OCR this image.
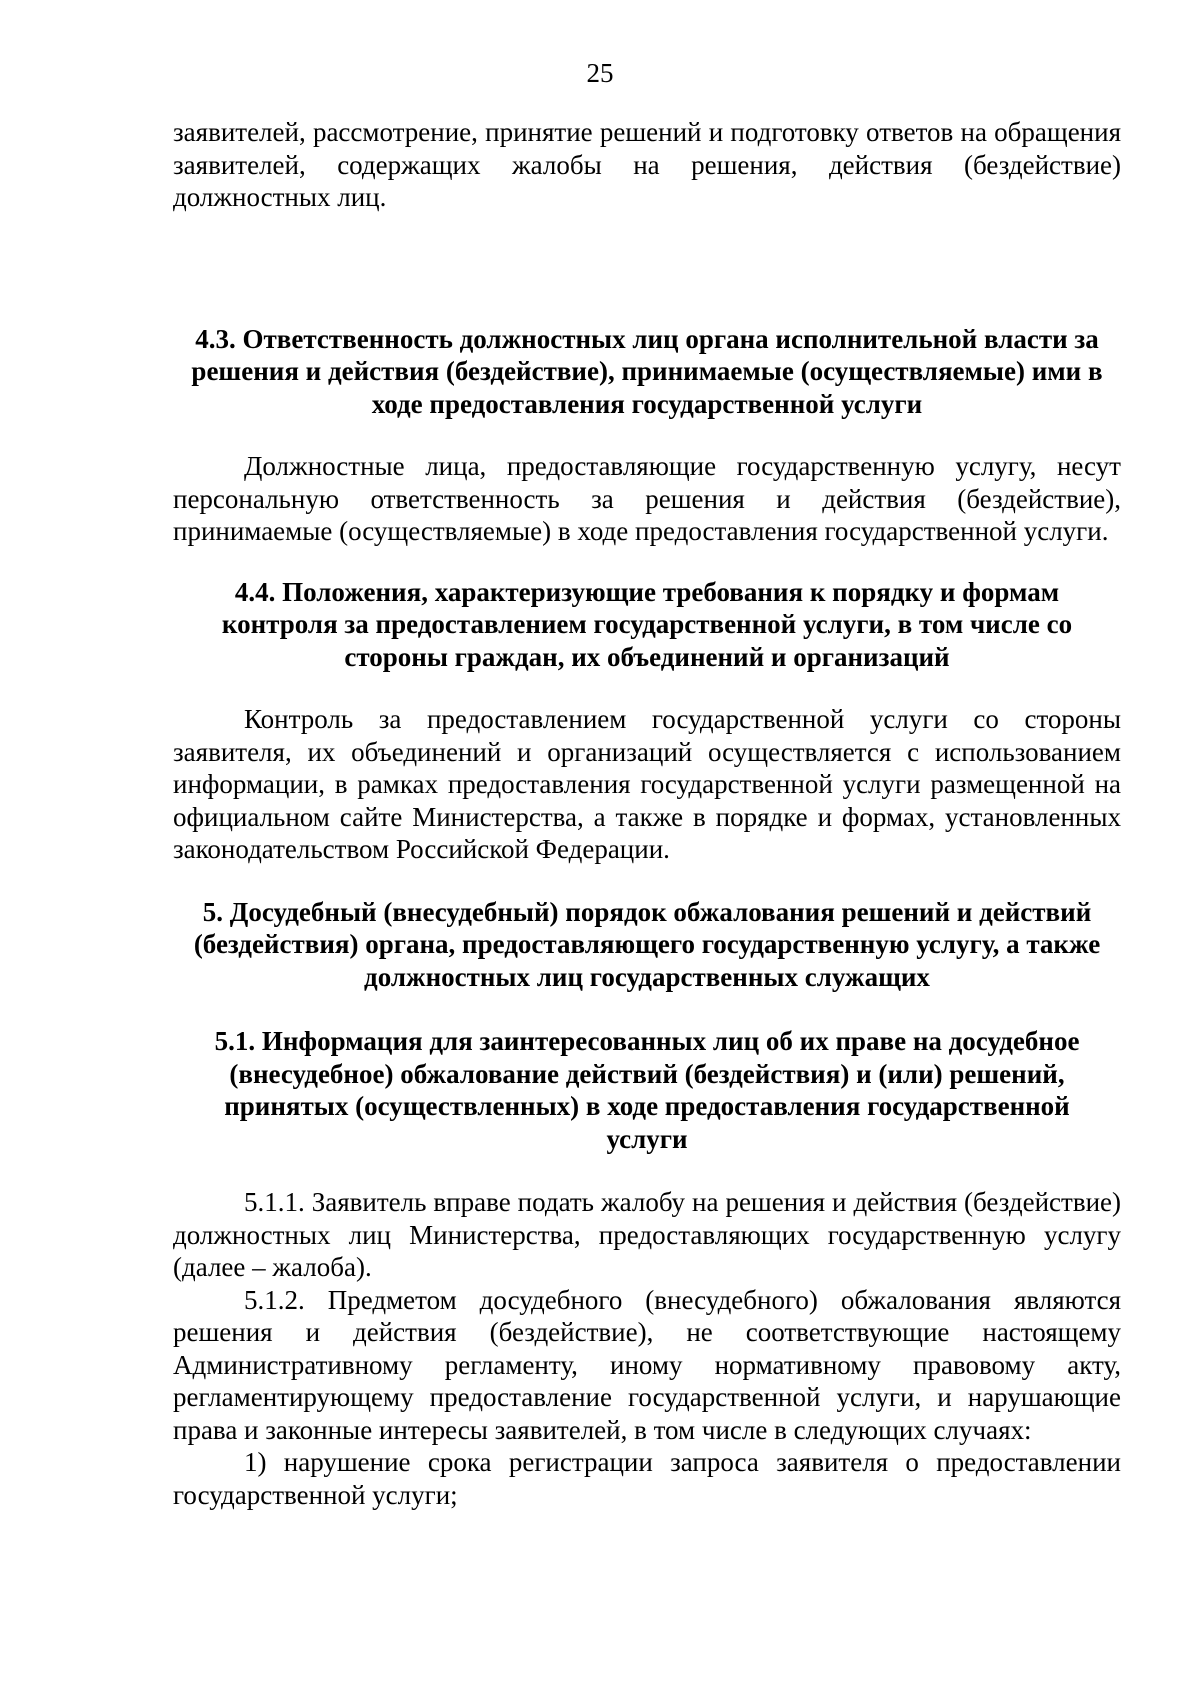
25

заявителей, рассмотрение, принятие решений и подготовку ответов на обращения заявителей, содержащих жалобы на решения, действия (бездействие) должностных лиц.

4.3. Ответственность должностных лиц органа исполнительной власти за решения и действия (бездействие), принимаемые (осуществляемые) ими в ходе предоставления государственной услуги

Должностные лица, предоставляющие государственную услугу, несут персональную ответственность за решения и действия (бездействие), принимаемые (осуществляемые) в ходе предоставления государственной услуги.

4.4. Положения, характеризующие требования к порядку и формам контроля за предоставлением государственной услуги, в том числе со стороны граждан, их объединений и организаций

Контроль за предоставлением государственной услуги со стороны заявителя, их объединений и организаций осуществляется с использованием информации, в рамках предоставления государственной услуги размещенной на официальном сайте Министерства, а также в порядке и формах, установленных законодательством Российской Федерации.

5. Досудебный (внесудебный) порядок обжалования решений и действий (бездействия) органа, предоставляющего государственную услугу, а также должностных лиц государственных служащих
5.1. Информация для заинтересованных лиц об их праве на досудебное (внесудебное) обжалование действий (бездействия) и (или) решений, принятых (осуществленных) в ходе предоставления государственной услуги

5.1.1. Заявитель вправе подать жалобу на решения и действия (бездействие) должностных лиц Министерства, предоставляющих государственную услугу (далее – жалоба).

5.1.2. Предметом досудебного (внесудебного) обжалования являются решения и действия (бездействие), не соответствующие настоящему Административному регламенту, иному нормативному правовому акту, регламентирующему предоставление государственной услуги, и нарушающие права и законные интересы заявителей, в том числе в следующих случаях:

1) нарушение срока регистрации запроса заявителя о предоставлении государственной услуги;
